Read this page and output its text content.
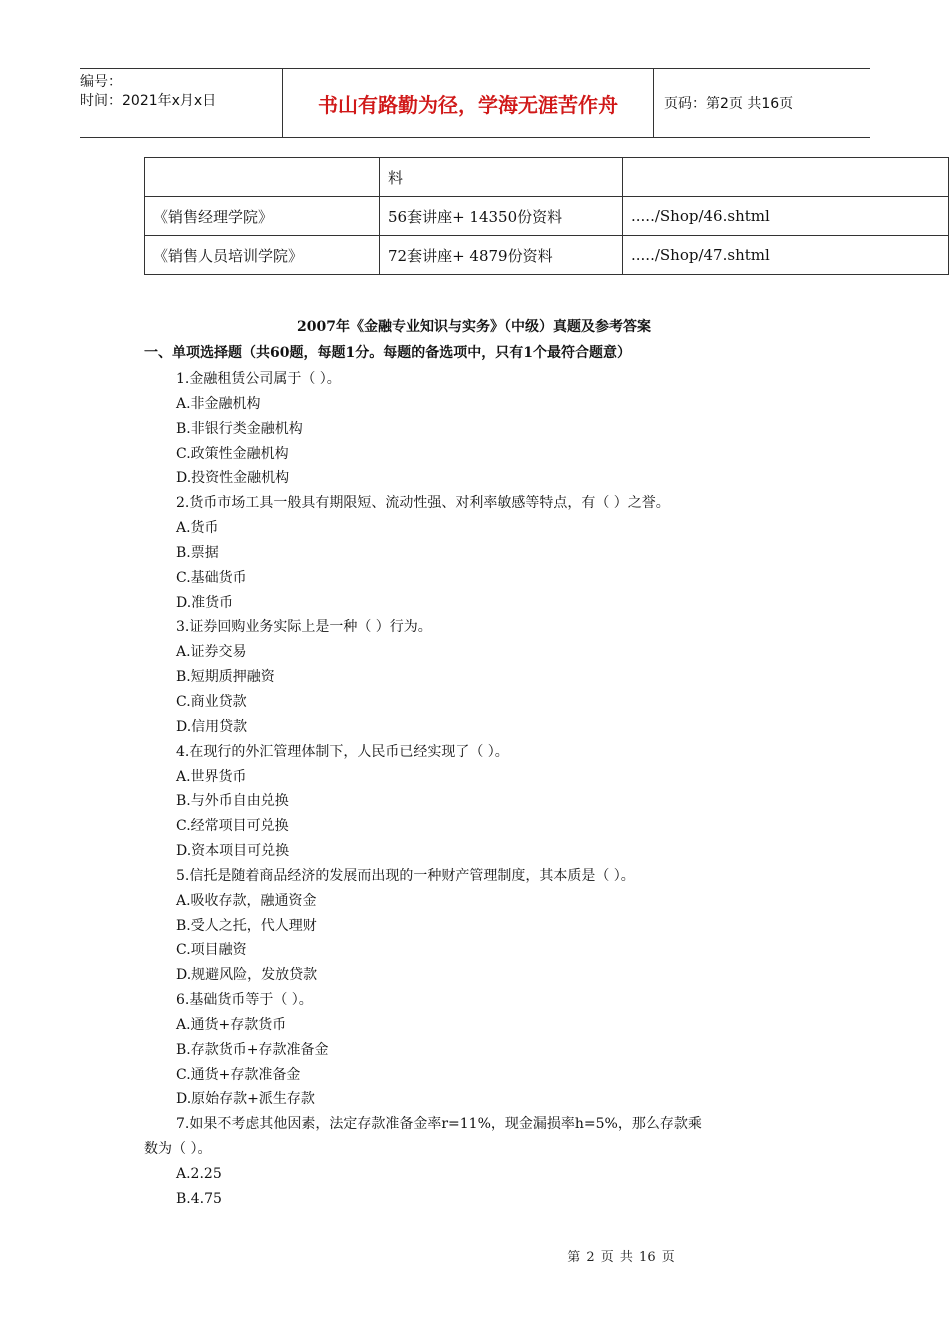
编号：
时间：2021年x月x日	书山有路勤为径，学海无涯苦作舟	页码：第2页 共16页
	料	
《销售经理学院》	56套讲座+ 14350份资料	...../Shop/46.shtml
《销售人员培训学院》	72套讲座+ 4879份资料	...../Shop/47.shtml
2007年《金融专业知识与实务》（中级）真题及参考答案
一、单项选择题（共60题，每题1分。每题的备选项中，只有1个最符合题意）
1.金融租赁公司属于（ ）。
A.非金融机构
B.非银行类金融机构
C.政策性金融机构
D.投资性金融机构
2.货币市场工具一般具有期限短、流动性强、对利率敏感等特点，有（ ）之誉。
A.货币
B.票据
C.基础货币
D.准货币
3.证券回购业务实际上是一种（ ）行为。
A.证券交易
B.短期质押融资
C.商业贷款
D.信用贷款
4.在现行的外汇管理体制下，人民币已经实现了（ ）。
A.世界货币
B.与外币自由兑换
C.经常项目可兑换
D.资本项目可兑换
5.信托是随着商品经济的发展而出现的一种财产管理制度，其本质是（ ）。
A.吸收存款，融通资金
B.受人之托，代人理财
C.项目融资
D.规避风险，发放贷款
6.基础货币等于（ ）。
A.通货+存款货币
B.存款货币+存款准备金
C.通货+存款准备金
D.原始存款+派生存款
7.如果不考虑其他因素，法定存款准备金率r=11%，现金漏损率h=5%，那么存款乘
数为（ ）。
A.2.25
B.4.75
第 2 页 共 16 页
